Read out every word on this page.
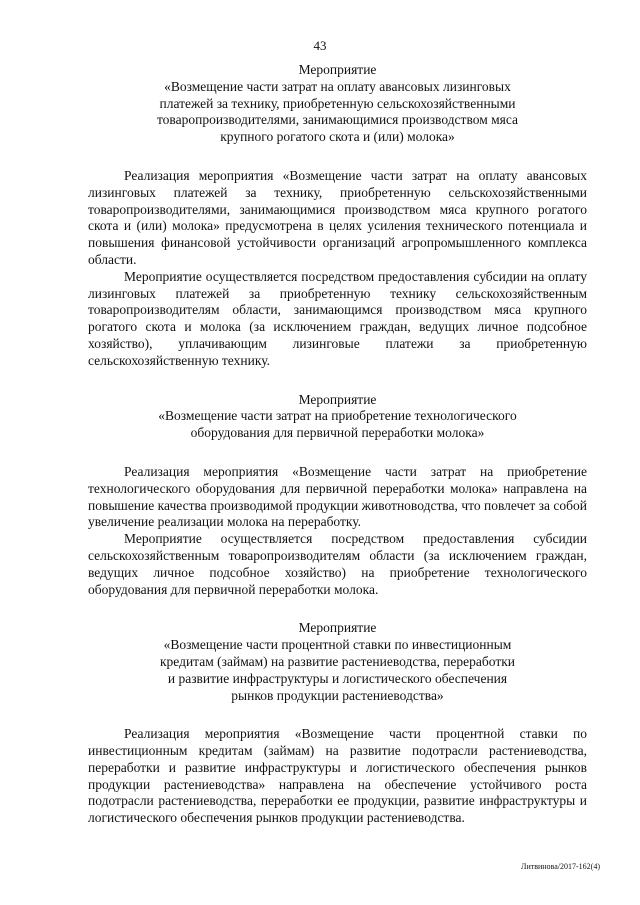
43
Мероприятие
«Возмещение части затрат на оплату авансовых лизинговых
платежей за технику, приобретенную сельскохозяйственными
товаропроизводителями, занимающимися производством мяса
крупного рогатого скота и (или) молока»

Реализация мероприятия «Возмещение части затрат на оплату авансовых лизинговых платежей за технику, приобретенную сельскохозяйственными товаропроизводителями, занимающимися производством мяса крупного рогатого скота и (или) молока» предусмотрена в целях усиления технического потенциала и повышения финансовой устойчивости организаций агропромышленного комплекса области.

Мероприятие осуществляется посредством предоставления субсидии на оплату лизинговых платежей за приобретенную технику сельскохозяйственным товаропроизводителям области, занимающимся производством мяса крупного рогатого скота и молока (за исключением граждан, ведущих личное подсобное хозяйство), уплачивающим лизинговые платежи за приобретенную сельскохозяйственную технику.

Мероприятие
«Возмещение части затрат на приобретение технологического
оборудования для первичной переработки молока»

Реализация мероприятия «Возмещение части затрат на приобретение технологического оборудования для первичной переработки молока» направлена на повышение качества производимой продукции животноводства, что повлечет за собой увеличение реализации молока на переработку.

Мероприятие осуществляется посредством предоставления субсидии сельскохозяйственным товаропроизводителям области (за исключением граждан, ведущих личное подсобное хозяйство) на приобретение технологического оборудования для первичной переработки молока.

Мероприятие
«Возмещение части процентной ставки по инвестиционным
кредитам (займам) на развитие растениеводства, переработки
и развитие инфраструктуры и логистического обеспечения
рынков продукции растениеводства»

Реализация мероприятия «Возмещение части процентной ставки по инвестиционным кредитам (займам) на развитие подотрасли растениеводства, переработки и развитие инфраструктуры и логистического обеспечения рынков продукции растениеводства» направлена на обеспечение устойчивого роста подотрасли растениеводства, переработки ее продукции, развитие инфраструктуры и логистического обеспечения рынков продукции растениеводства.

Литвинова/2017-162(4)
